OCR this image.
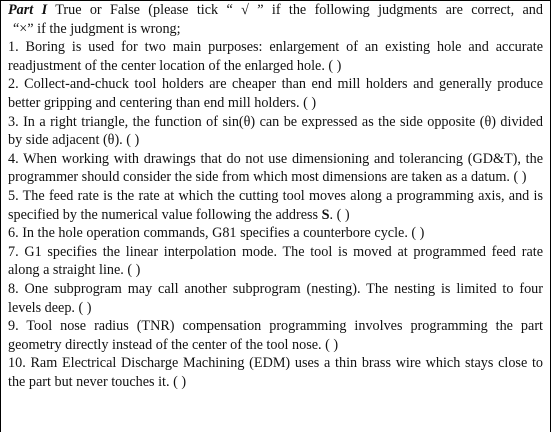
Part I True or False (please tick “ √ ” if the following judgments are correct, and

“×” if the judgment is wrong;

1. Boring is used for two main purposes: enlargement of an existing hole and accurate readjustment of the center location of the enlarged hole. ( )

2. Collect-and-chuck tool holders are cheaper than end mill holders and generally produce better gripping and centering than end mill holders. ( )

3. In a right triangle, the function of sin(θ) can be expressed as the side opposite (θ) divided by side adjacent (θ). ( )

4. When working with drawings that do not use dimensioning and tolerancing (GD&T), the programmer should consider the side from which most dimensions are taken as a datum. ( )

5. The feed rate is the rate at which the cutting tool moves along a programming axis, and is specified by the numerical value following the address S. ( )

6. In the hole operation commands, G81 specifies a counterbore cycle. ( )

7. G1 specifies the linear interpolation mode. The tool is moved at programmed feed rate along a straight line. ( )

8. One subprogram may call another subprogram (nesting). The nesting is limited to four levels deep. ( )

9. Tool nose radius (TNR) compensation programming involves programming the part geometry directly instead of the center of the tool nose. ( )

10. Ram Electrical Discharge Machining (EDM) uses a thin brass wire which stays close to the part but never touches it. ( )
